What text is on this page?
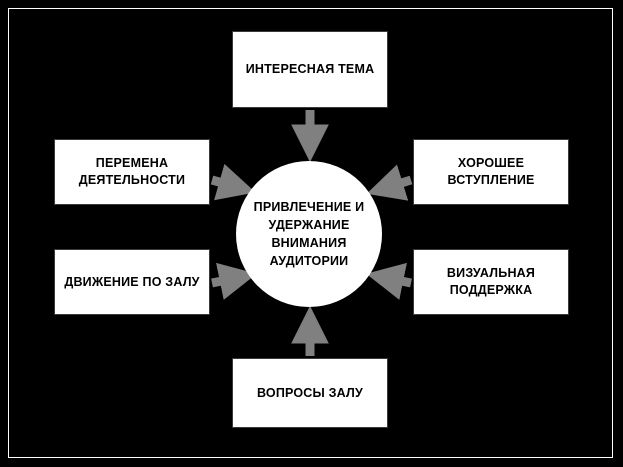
ИНТЕРЕСНАЯ ТЕМА
ПЕРЕМЕНА ДЕЯТЕЛЬНОСТИ
ДВИЖЕНИЕ ПО ЗАЛУ
ХОРОШЕЕ ВСТУПЛЕНИЕ
ВИЗУАЛЬНАЯ ПОДДЕРЖКА
ВОПРОСЫ ЗАЛУ
ПРИВЛЕЧЕНИЕ И УДЕРЖАНИЕ ВНИМАНИЯ АУДИТОРИИ
